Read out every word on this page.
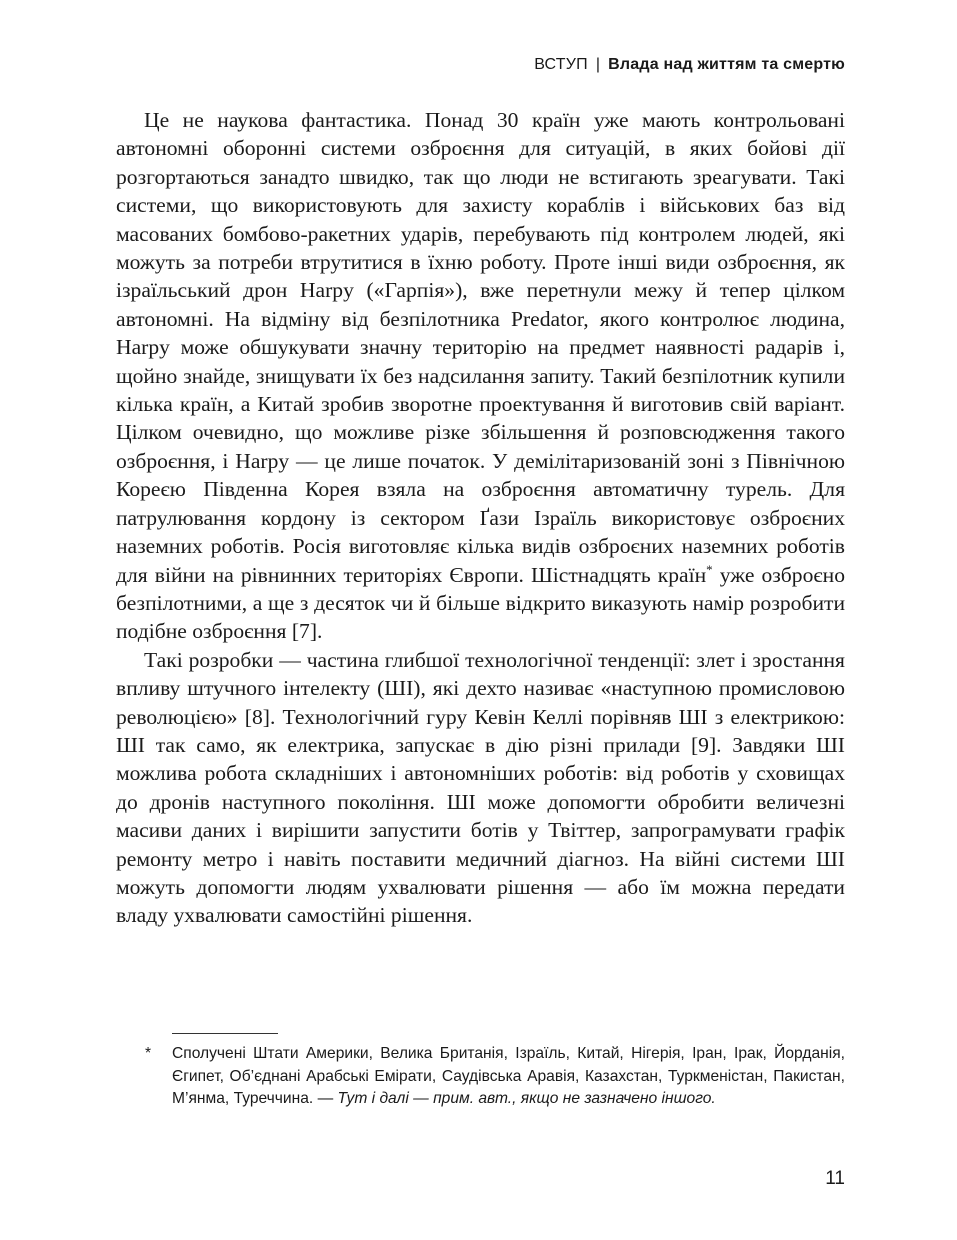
ВСТУП | Влада над життям та смертю

Це не наукова фантастика. Понад 30 країн уже мають контрольовані автономні оборонні системи озброєння для ситуацій, в яких бойові дії розгортаються занадто швидко, так що люди не встигають зреагувати. Такі системи, що використовують для захисту кораблів і військових баз від масованих бомбово-ракетних ударів, перебувають під контролем людей, які можуть за потреби втрутитися в їхню роботу. Проте інші види озброєння, як ізраїльський дрон Harpy («Гарпія»), вже перетнули межу й тепер цілком автономні. На відміну від безпілотника Predator, якого контролює людина, Harpy може обшукувати значну територію на предмет наявності радарів і, щойно знайде, знищувати їх без надсилання запиту. Такий безпілотник купили кілька країн, а Китай зробив зворотне проектування й виготовив свій варіант. Цілком очевидно, що можливе різке збільшення й розповсюдження такого озброєння, і Harpy — це лише початок. У демілітаризованій зоні з Північною Кореєю Південна Корея взяла на озброєння автоматичну турель. Для патрулювання кордону із сектором Ґази Ізраїль використовує озброєних наземних роботів. Росія виготовляє кілька видів озброєних наземних роботів для війни на рівнинних територіях Європи. Шістнадцять країн* уже озброєно безпілотними, а ще з десяток чи й більше відкрито виказують намір розробити подібне озброєння [7].

Такі розробки — частина глибшої технологічної тенденції: злет і зростання впливу штучного інтелекту (ШІ), які дехто називає «наступною промисловою революцією» [8]. Технологічний гуру Кевін Келлі порівняв ШІ з електрикою: ШІ так само, як електрика, запускає в дію різні прилади [9]. Завдяки ШІ можлива робота складніших і автономніших роботів: від роботів у сховищах до дронів наступного покоління. ШІ може допомогти обробити величезні масиви даних і вирішити запустити ботів у Твіттер, запрограмувати графік ремонту метро і навіть поставити медичний діагноз. На війні системи ШІ можуть допомогти людям ухвалювати рішення — або їм можна передати владу ухвалювати самостійні рішення.

* Сполучені Штати Америки, Велика Британія, Ізраїль, Китай, Нігерія, Іран, Ірак, Йорданія, Єгипет, Об’єднані Арабські Емірати, Саудівська Аравія, Казахстан, Туркменістан, Пакистан, М’янма, Туреччина. — Тут і далі — прим. авт., якщо не зазначено іншого.
11
